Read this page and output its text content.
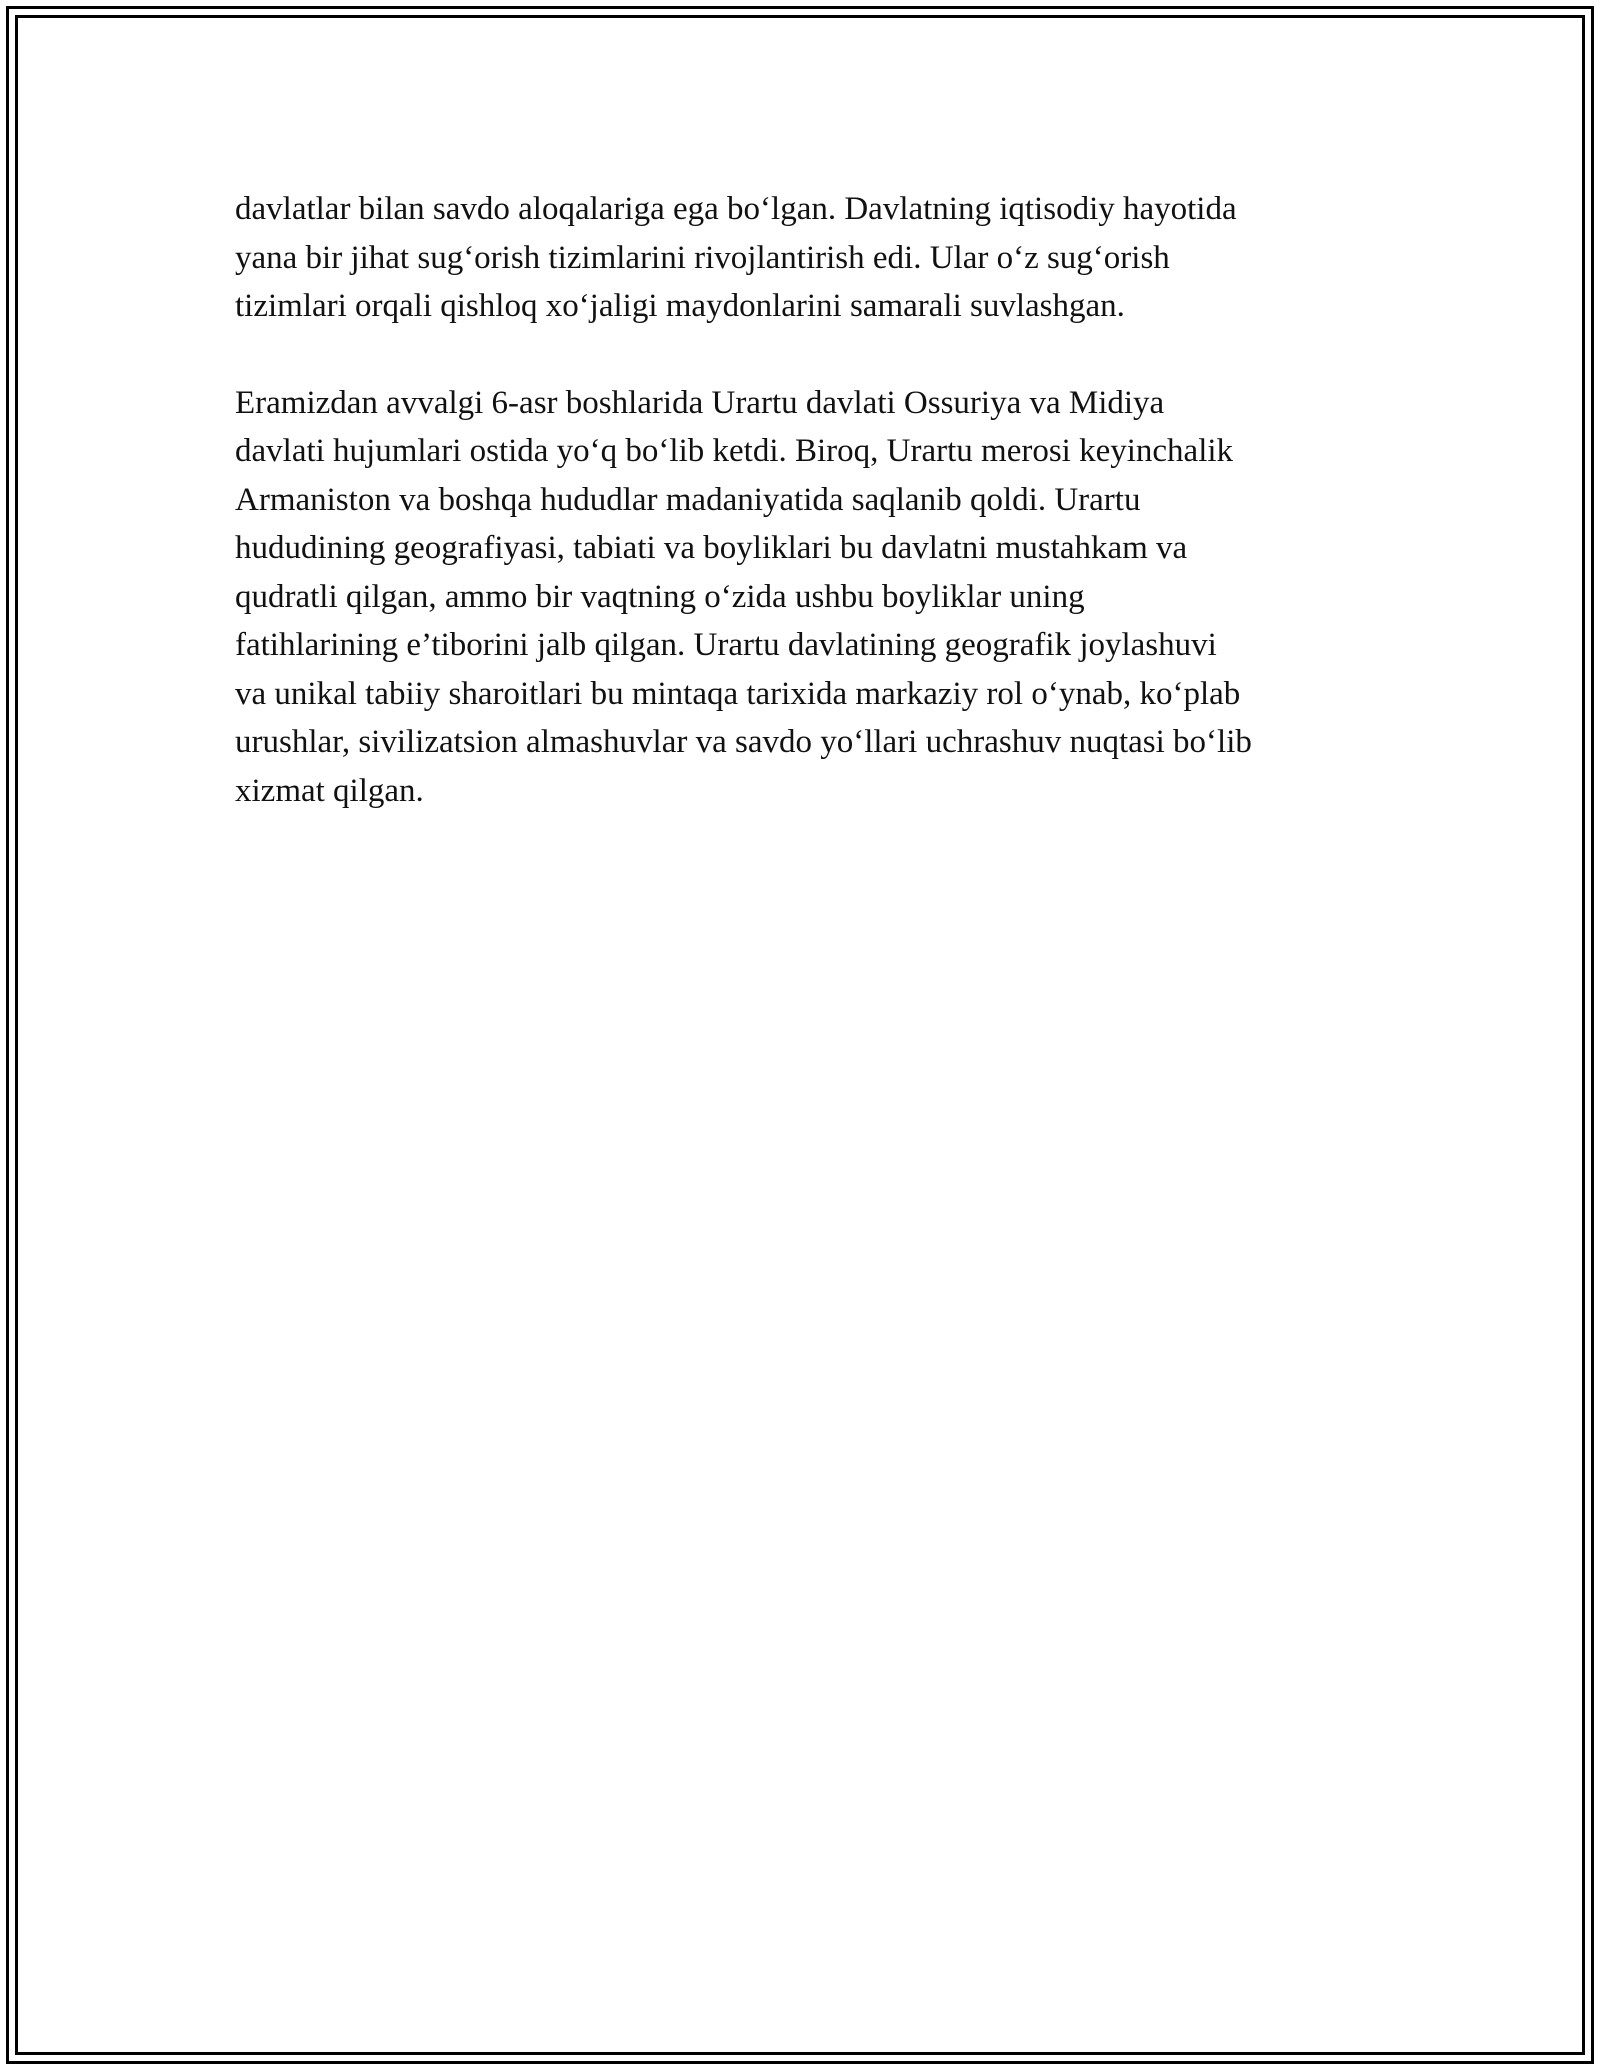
davlatlar bilan savdo aloqalariga ega bo‘lgan. Davlatning iqtisodiy hayotida
yana bir jihat sug‘orish tizimlarini rivojlantirish edi. Ular o‘z sug‘orish
tizimlari orqali qishloq xo‘jaligi maydonlarini samarali suvlashgan.
Eramizdan avvalgi 6-asr boshlarida Urartu davlati Ossuriya va Midiya
davlati hujumlari ostida yo‘q bo‘lib ketdi. Biroq, Urartu merosi keyinchalik
Armaniston va boshqa hududlar madaniyatida saqlanib qoldi. Urartu
hududining geografiyasi, tabiati va boyliklari bu davlatni mustahkam va
qudratli qilgan, ammo bir vaqtning o‘zida ushbu boyliklar uning
fatihlarining e’tiborini jalb qilgan. Urartu davlatining geografik joylashuvi
va unikal tabiiy sharoitlari bu mintaqa tarixida markaziy rol o‘ynab, ko‘plab
urushlar, sivilizatsion almashuvlar va savdo yo‘llari uchrashuv nuqtasi bo‘lib
xizmat qilgan.
